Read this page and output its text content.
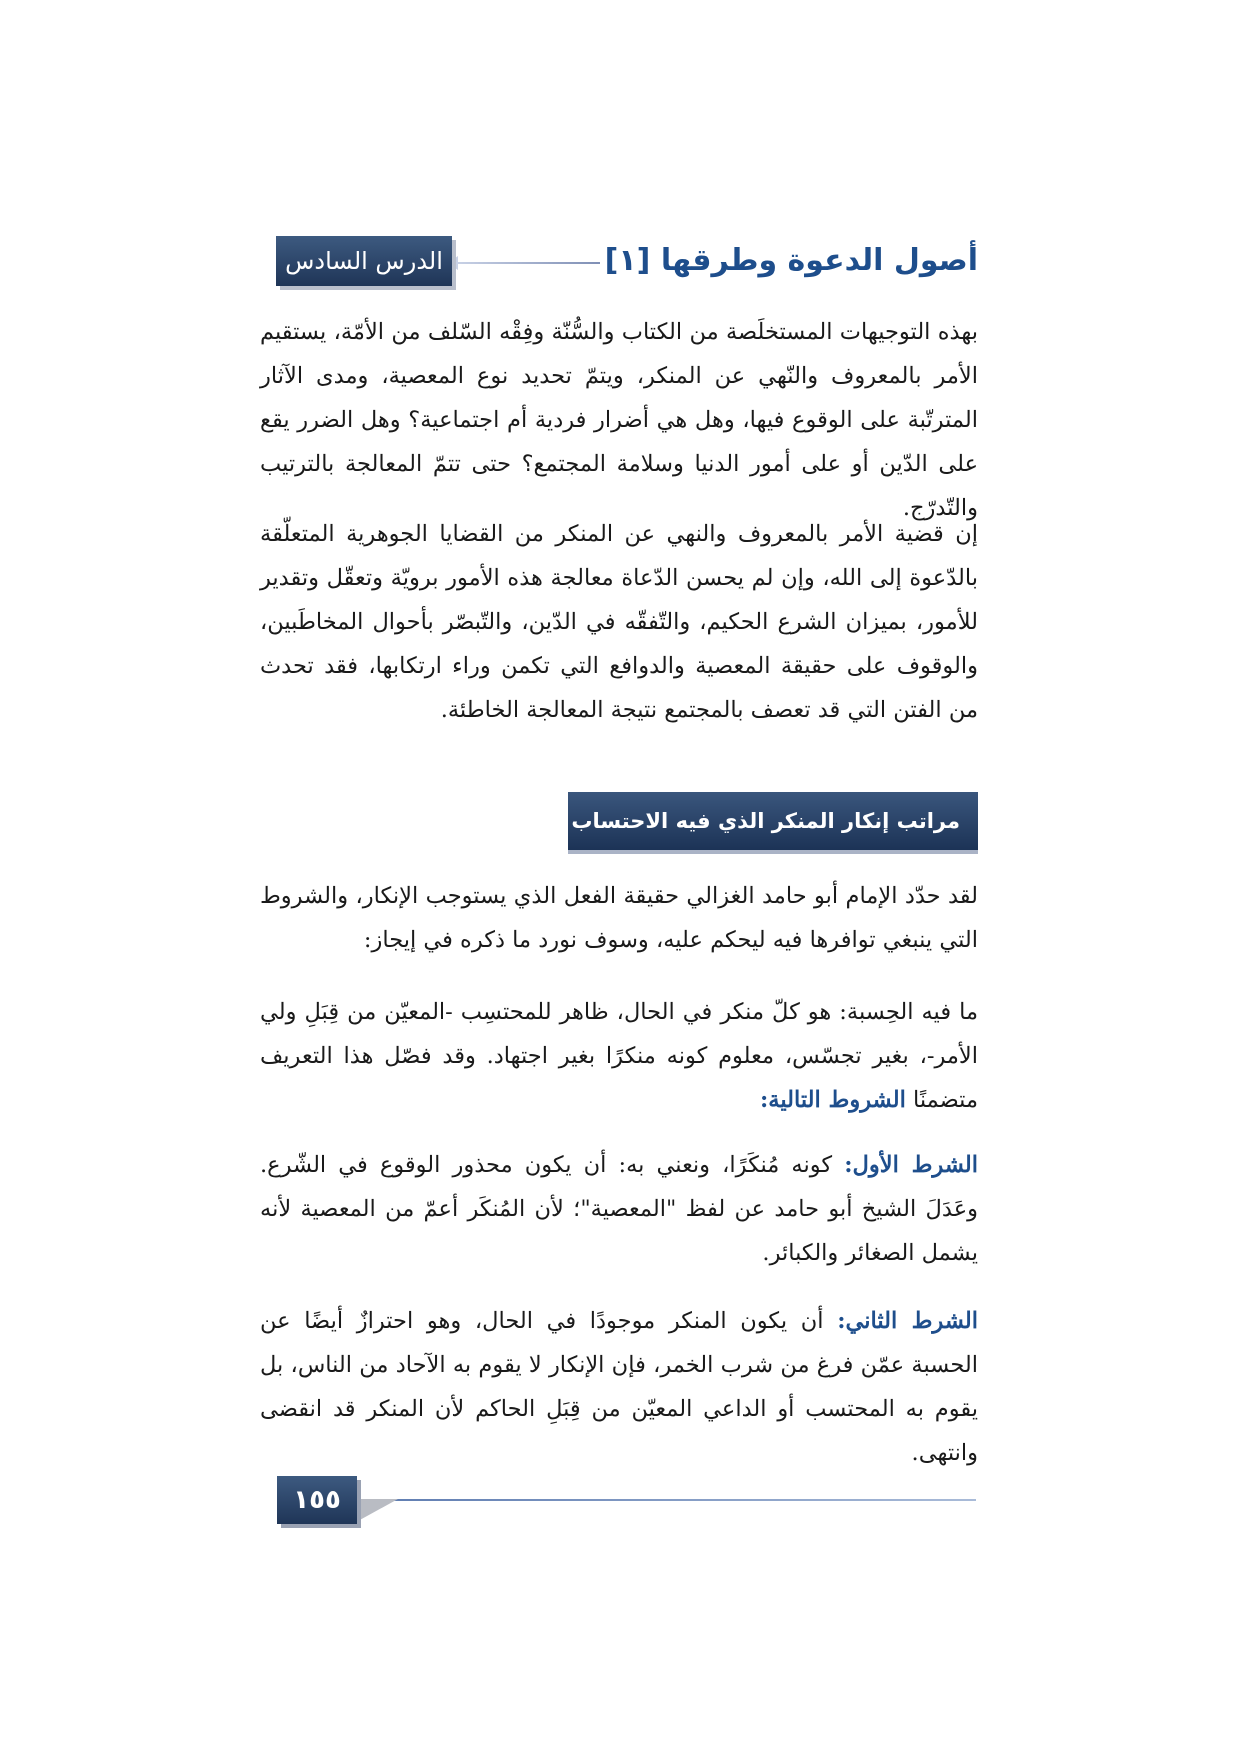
أصول الدعوة وطرقها [١]
الدرس السادس

بهذه التوجيهات المستخلَصة من الكتاب والسُّنّة وفِقْه السّلف من الأمّة، يستقيم الأمر بالمعروف والنّهي عن المنكر، ويتمّ تحديد نوع المعصية، ومدى الآثار المترتّبة على الوقوع فيها، وهل هي أضرار فردية أم اجتماعية؟ وهل الضرر يقع على الدّين أو على أمور الدنيا وسلامة المجتمع؟ حتى تتمّ المعالجة بالترتيب والتّدرّج.

إن قضية الأمر بالمعروف والنهي عن المنكر من القضايا الجوهرية المتعلّقة بالدّعوة إلى الله، وإن لم يحسن الدّعاة معالجة هذه الأمور برويّة وتعقّل وتقدير للأمور، بميزان الشرع الحكيم، والتّفقّه في الدّين، والتّبصّر بأحوال المخاطَبين، والوقوف على حقيقة المعصية والدوافع التي تكمن وراء ارتكابها، فقد تحدث من الفتن التي قد تعصف بالمجتمع نتيجة المعالجة الخاطئة.

مراتب إنكار المنكر الذي فيه الاحتساب

لقد حدّد الإمام أبو حامد الغزالي حقيقة الفعل الذي يستوجب الإنكار، والشروط التي ينبغي توافرها فيه ليحكم عليه، وسوف نورد ما ذكره في إيجاز:

ما فيه الحِسبة: هو كلّ منكر في الحال، ظاهر للمحتسِب -المعيّن من قِبَلِ ولي الأمر-، بغير تجسّس، معلوم كونه منكرًا بغير اجتهاد. وقد فصّل هذا التعريف متضمنًا الشروط التالية:

الشرط الأول: كونه مُنكَرًا، ونعني به: أن يكون محذور الوقوع في الشّرع. وعَدَلَ الشيخ أبو حامد عن لفظ "المعصية"؛ لأن المُنكَر أعمّ من المعصية لأنه يشمل الصغائر والكبائر.

الشرط الثاني: أن يكون المنكر موجودًا في الحال، وهو احترازٌ أيضًا عن الحسبة عمّن فرغ من شرب الخمر، فإن الإنكار لا يقوم به الآحاد من الناس، بل يقوم به المحتسب أو الداعي المعيّن من قِبَلِ الحاكم لأن المنكر قد انقضى وانتهى.

١٥٥
